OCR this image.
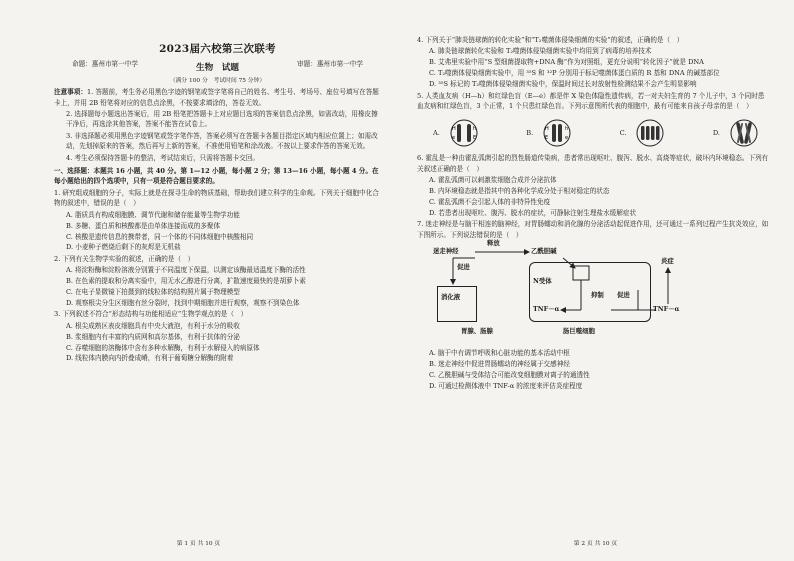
2023届六校第三次联考
命题：惠州市第一中学	生物　试题	审题：惠州市第一中学
（满分 100 分　考试时间 75 分钟）
注意事项：1. 答题前，考生务必用黑色字迹的钢笔或签字笔将自己的姓名、考生号、考场号、座位号填写在答题卡上，并用 2B 铅笔将对应的信息点涂黑，不按要求填涂的，答卷无效。
2. 选择题每小题选出答案后，用 2B 铅笔把答题卡上对应题目选项的答案信息点涂黑，如需改动，用橡皮擦干净后，再选涂其他答案，答案不能答在试卷上。
3. 非选择题必须用黑色字迹钢笔或签字笔作答，答案必须写在答题卡各题目指定区域内相应位置上；如需改动，先划掉原来的答案，然后再写上新的答案，不准使用铅笔和涂改液。不按以上要求作答的答案无效。
4. 考生必须保持答题卡的整洁，考试结束后，只需将答题卡交回。
一、选择题：本题共 16 小题，共 40 分。第 1—12 小题，每小题 2 分；第 13—16 小题，每小题 4 分。在每小题给出的四个选项中，只有一项是符合题目要求的。
1. 研究组成细胞的分子，实际上就是在探寻生命的物质基础，帮助我们建立科学的生命观。下列关于细胞中化合物的叙述中，错误的是（　）
A. 脂质具有构成细胞膜、调节代谢和储存能量等生物学功能
B. 多糖、蛋白质和核酸都是由单体连接而成的多聚体
C. 核酸是遗传信息的携带者，同一个体的不同体细胞中核酸相同
D. 小麦种子燃烧后剩下的灰烬是无机盐
2. 下列有关生物学实验的叙述，正确的是（　）
A. 将淀粉酶和淀粉溶液分别置于不同温度下保温，以测定该酶最适温度下酶的活性
B. 在色素的提取和分离实验中，用无水乙醇进行分离，扩散速度最快的是胡萝卜素
C. 在电子显微镜下拍摄到的线粒体的结构照片属于物理模型
D. 观察根尖分生区细胞有丝分裂时，找到中期细胞并进行观察，观察不到染色体
3. 下列叙述不符合“形态结构与功能相适应”生物学观点的是（　）
A. 根尖成熟区表皮细胞具有中央大液泡，有利于水分的吸收
B. 浆细胞内有丰富的内质网和高尔基体，有利于抗体的分泌
C. 吞噬细胞的溶酶体中含有多种水解酶，有利于水解侵入的病原体
D. 线粒体内膜向内折叠成嵴，有利于葡萄糖分解酶的附着
第 1 页 共 10 页
4. 下列关于“肺炎链球菌的转化实验”和“T₂噬菌体侵染细菌的实验”的叙述，正确的是（　）
A. 肺炎链球菌转化实验和 T₂噬菌体侵染细菌实验中均用到了病毒的培养技术
B. 艾弗里实验中用“S 型细菌提取物+DNA 酶”作为对照组，更充分说明“转化因子”就是 DNA
C. T₂噬菌体侵染细菌实验中，用 ³⁵S 和 ³²P 分别用于标记噬菌体蛋白质的 R 基和 DNA 的碱基部位
D. ³⁵S 标记的 T₂噬菌体侵染细菌实验中，保温时间过长对放射性检测结果不会产生明显影响
5. 人类血友病（H—h）和红绿色盲（E—e）都是伴 X 染色体隐性遗传病，若一对夫妇生育的 7 个儿子中，3 个同时患血友病和红绿色盲，3 个正常，1 个只患红绿色盲。下列示意图所代表的细胞中，最有可能来自孩子母亲的是（　）
A. H
e
h
E
B. H
E
h
e
C.	D.
6. 霍乱是一种由霍乱弧菌引起的烈性肠道传染病，患者常出现呕吐、腹泻、脱水、高烧等症状，破坏内环境稳态。下列有关叙述正确的是（　）
A. 霍乱弧菌可以刺激浆细胞合成并分泌抗体
B. 内环境稳态就是指其中的各种化学成分处于相对稳定的状态
C. 霍乱弧菌不会引起人体的非特异性免疫
D. 若患者出现呕吐、腹泻、脱水的症状，可静脉注射生理盐水缓解症状
7. 迷走神经是与脑干相连的脑神经，对胃肠蠕动和消化腺的分泌活动起促进作用，还可通过一系列过程产生抗炎效应，如下图所示。下列说法错误的是（　）
迷走神经
释放
乙酰胆碱
促进
消化液
胃腺、肠腺
N受体
抑制
TNF－α
促进
TNF－α
炎症
肠巨噬细胞
A. 脑干中有调节呼吸和心脏功能的基本活动中枢
B. 迷走神经中促进胃肠蠕动的神经属于交感神经
C. 乙酰胆碱与受体结合可能改变细胞膜对离子的通透性
D. 可通过检测体液中 TNF-α 的浓度来评估炎症程度
第 2 页 共 10 页
